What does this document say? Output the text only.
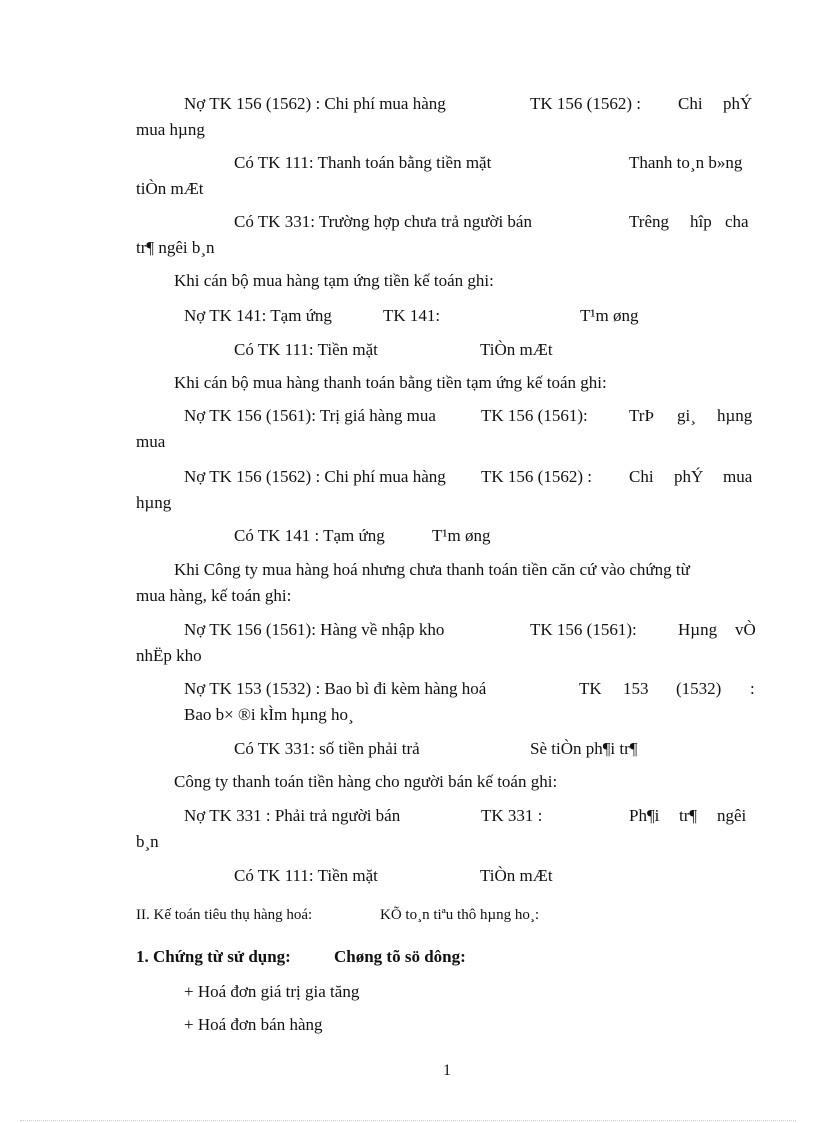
Nợ TK 156 (1562) : Chi phí mua hàng	TK 156 (1562) : Chi phÝ
mua hµng
Có TK 111: Thanh toán bằng tiền mặt	Thanh to¸n b»ng
tiÒn mÆt
Có TK 331: Trường hợp chưa trả người bán	Trêng hîp cha
tr¶ ngêi b¸n
Khi cán bộ mua hàng tạm ứng tiền kế toán ghi:
Nợ TK 141: Tạm ứng	TK 141:	T¹m øng
Có TK 111: Tiền mặt	TiÒn mÆt
Khi cán bộ mua hàng thanh toán bằng tiền tạm ứng kế toán ghi:
Nợ TK 156 (1561): Trị giá hàng mua	TK 156 (1561): TrÞ gi¸ hµng
mua
Nợ TK 156 (1562) : Chi phí mua hàng TK 156 (1562) : Chi phÝ mua
hµng
Có TK 141 : Tạm ứng	T¹m øng
Khi Công ty mua hàng hoá nhưng chưa thanh toán tiền căn cứ vào chứng từ
mua hàng, kế toán ghi:
Nợ TK 156 (1561): Hàng về nhập kho	TK 156 (1561): Hµng vÒ
nhËp kho
Nợ TK 153 (1532) : Bao bì đi kèm hàng hoá	TK 153 (1532) :
Bao b× ®i kÌm hµng ho¸
Có TK 331: số tiền phải trả	Sè tiÒn ph¶i tr¶
Công ty thanh toán tiền hàng cho người bán kế toán ghi:
Nợ TK 331 : Phải trả người bán	TK 331 :	Ph¶i tr¶ ngêi
b¸n
Có TK 111: Tiền mặt	TiÒn mÆt
II. Kế toán tiêu thụ hàng hoá:	KÕ to¸n tiªu thô hµng ho¸:
1. Chứng từ sử dụng:	Chøng tõ sö dông:
+ Hoá đơn giá trị gia tăng
+ Hoá đơn bán hàng
1
